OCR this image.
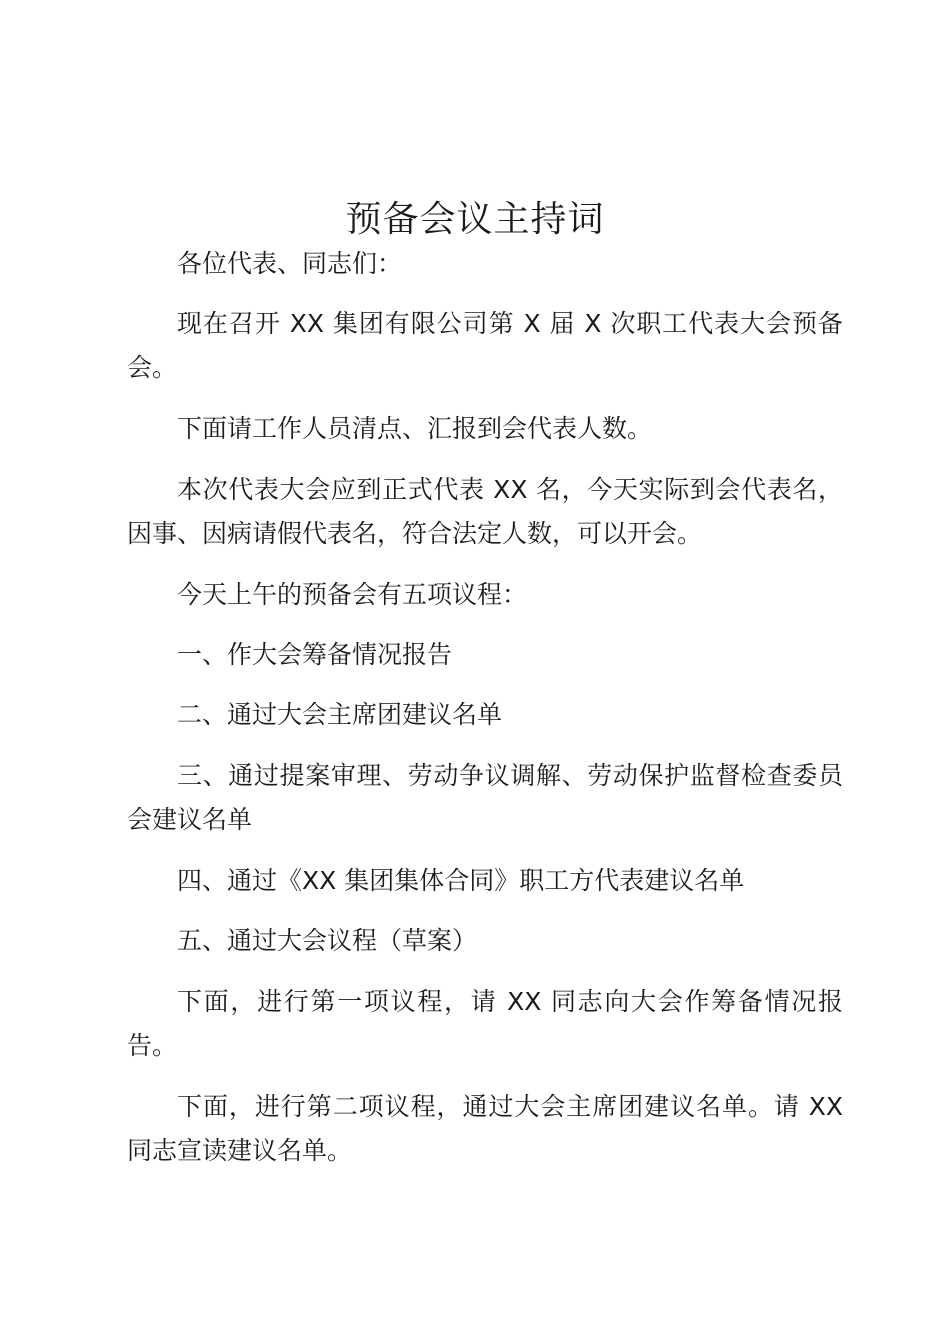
预备会议主持词

各位代表、同志们：

现在召开 XX 集团有限公司第 X 届 X 次职工代表大会预备会。

下面请工作人员清点、汇报到会代表人数。

本次代表大会应到正式代表 XX 名，今天实际到会代表名，因事、因病请假代表名，符合法定人数，可以开会。

今天上午的预备会有五项议程：

一、作大会筹备情况报告

二、通过大会主席团建议名单

三、通过提案审理、劳动争议调解、劳动保护监督检查委员会建议名单

四、通过《XX 集团集体合同》职工方代表建议名单

五、通过大会议程（草案）

下面，进行第一项议程，请 XX 同志向大会作筹备情况报告。

下面，进行第二项议程，通过大会主席团建议名单。请 XX 同志宣读建议名单。
